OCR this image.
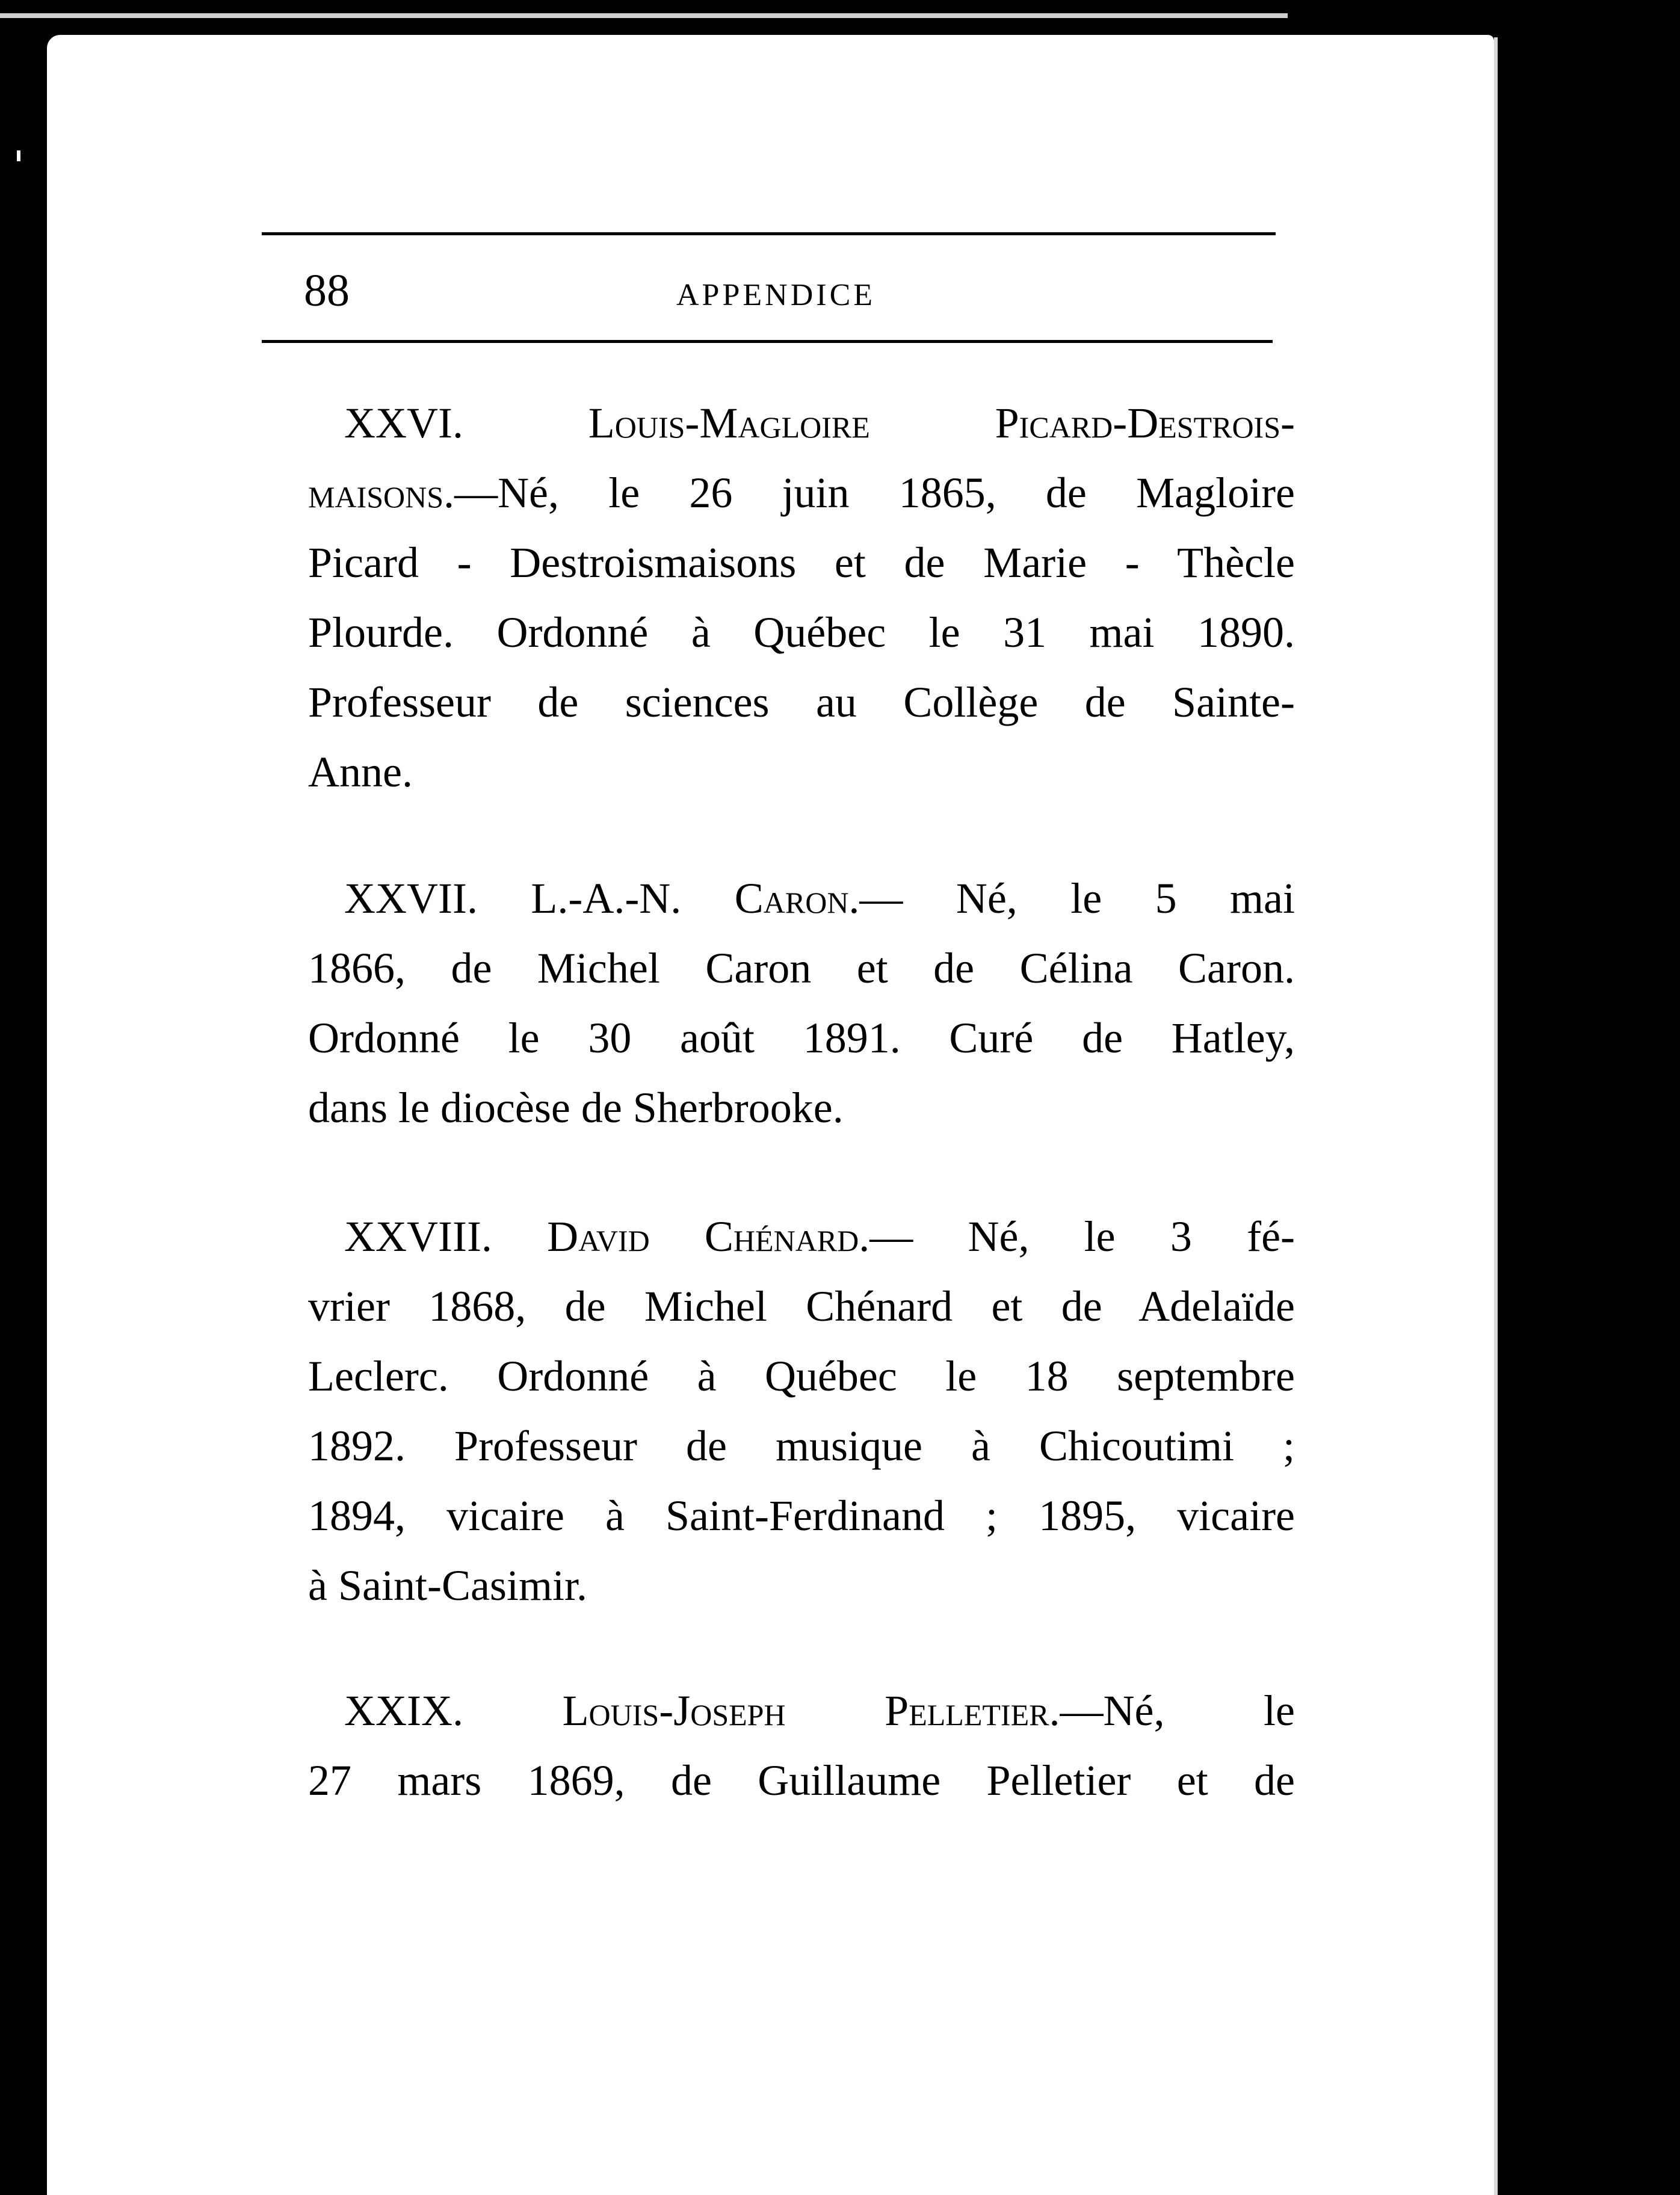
88	APPENDICE
XXVI.	Louis-Magloire Picard-Destrois-
maisons.—Né, le 26 juin 1865, de Magloire
Picard - Destroismaisons et de Marie - Thècle
Plourde. Ordonné à Québec le 31 mai 1890.
Professeur de sciences au Collège de Sainte-
Anne.
XXVII. L.-A.-N. Caron.— Né, le 5 mai
1866, de Michel Caron et de Célina Caron.
Ordonné le 30 août 1891. Curé de Hatley,
dans le diocèse de Sherbrooke.
XXVIII. David Chénard.— Né, le 3 fé-
vrier 1868, de Michel Chénard et de Adelaïde
Leclerc. Ordonné à Québec le 18 septembre
1892. Professeur de musique à Chicoutimi ;
1894, vicaire à Saint-Ferdinand ; 1895, vicaire
à Saint-Casimir.
XXIX. Louis-Joseph Pelletier.—Né, le
27 mars 1869, de Guillaume Pelletier et de
